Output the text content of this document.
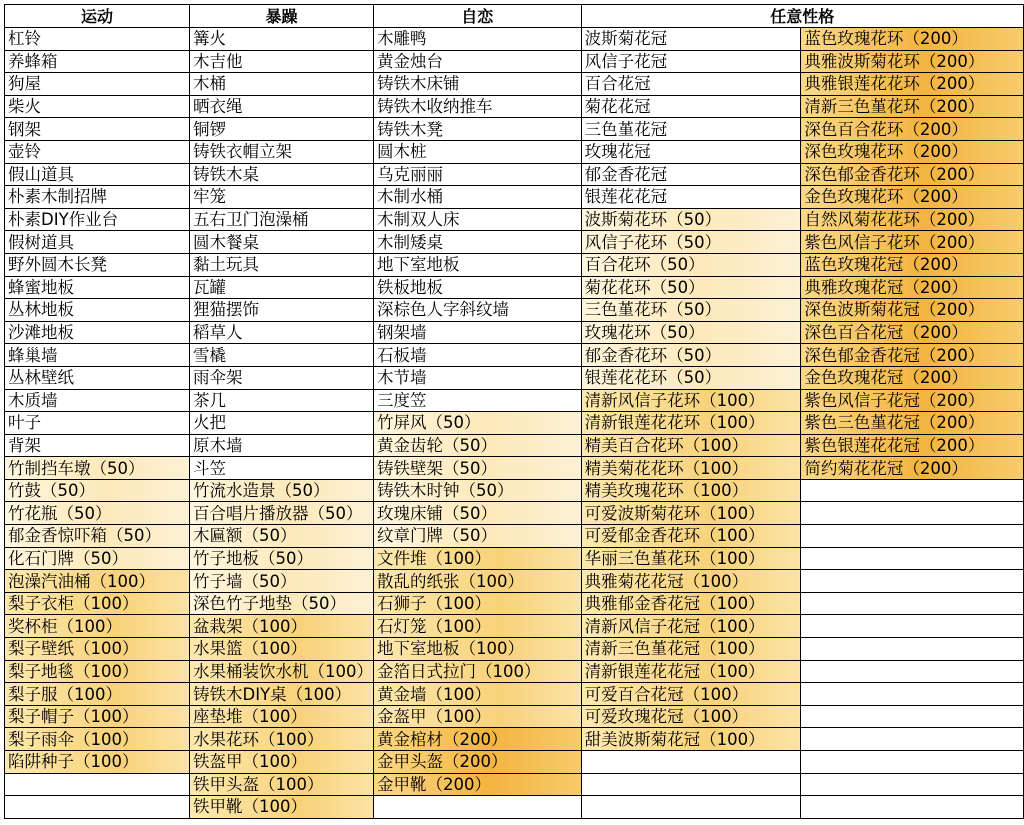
运动	暴躁	自恋	任意性格	
杠铃	篝火	木雕鸭	波斯菊花冠	蓝色玫瑰花环（200）
养蜂箱	木吉他	黄金烛台	风信子花冠	典雅波斯菊花环（200）
狗屋	木桶	铸铁木床铺	百合花冠	典雅银莲花花环（200）
柴火	晒衣绳	铸铁木收纳推车	菊花花冠	清新三色堇花环（200）
钢架	铜锣	铸铁木凳	三色堇花冠	深色百合花环（200）
壶铃	铸铁衣帽立架	圆木桩	玫瑰花冠	深色玫瑰花环（200）
假山道具	铸铁木桌	乌克丽丽	郁金香花冠	深色郁金香花环（200）
朴素木制招牌	牢笼	木制水桶	银莲花花冠	金色玫瑰花环（200）
朴素DIY作业台	五右卫门泡澡桶	木制双人床	波斯菊花环（50）	自然风菊花花环（200）
假树道具	圆木餐桌	木制矮桌	风信子花环（50）	紫色风信子花环（200）
野外圆木长凳	黏土玩具	地下室地板	百合花环（50）	蓝色玫瑰花冠（200）
蜂蜜地板	瓦罐	铁板地板	菊花花环（50）	典雅玫瑰花冠（200）
丛林地板	狸猫摆饰	深棕色人字斜纹墙	三色堇花环（50）	深色波斯菊花冠（200）
沙滩地板	稻草人	钢架墙	玫瑰花环（50）	深色百合花冠（200）
蜂巢墙	雪橇	石板墙	郁金香花环（50）	深色郁金香花冠（200）
丛林壁纸	雨伞架	木节墙	银莲花花环（50）	金色玫瑰花冠（200）
木质墙	茶几	三度笠	清新风信子花环（100）	紫色风信子花冠（200）
叶子	火把	竹屏风（50）	清新银莲花花环（100）	紫色三色堇花冠（200）
背架	原木墙	黄金齿轮（50）	精美百合花环（100）	紫色银莲花花冠（200）
竹制挡车墩（50）	斗笠	铸铁壁架（50）	精美菊花花环（100）	简约菊花花冠（200）
竹鼓（50）	竹流水造景（50）	铸铁木时钟（50）	精美玫瑰花环（100）	
竹花瓶（50）	百合唱片播放器（50）	玫瑰床铺（50）	可爱波斯菊花环（100）	
郁金香惊吓箱（50）	木匾额（50）	纹章门牌（50）	可爱郁金香花环（100）	
化石门牌（50）	竹子地板（50）	文件堆（100）	华丽三色堇花环（100）	
泡澡汽油桶（100）	竹子墙（50）	散乱的纸张（100）	典雅菊花花冠（100）	
梨子衣柜（100）	深色竹子地垫（50）	石狮子（100）	典雅郁金香花冠（100）	
奖杯柜（100）	盆栽架（100）	石灯笼（100）	清新风信子花冠（100）	
梨子壁纸（100）	水果篮（100）	地下室地板（100）	清新三色堇花冠（100）	
梨子地毯（100）	水果桶装饮水机（100）	金箔日式拉门（100）	清新银莲花花冠（100）	
梨子服（100）	铸铁木DIY桌（100）	黄金墙（100）	可爱百合花冠（100）	
梨子帽子（100）	座垫堆（100）	金盔甲（100）	可爱玫瑰花冠（100）	
梨子雨伞（100）	水果花环（100）	黄金棺材（200）	甜美波斯菊花冠（100）	
陷阱种子（100）	铁盔甲（100）	金甲头盔（200）		
	铁甲头盔（100）	金甲靴（200）		
	铁甲靴（100）			
